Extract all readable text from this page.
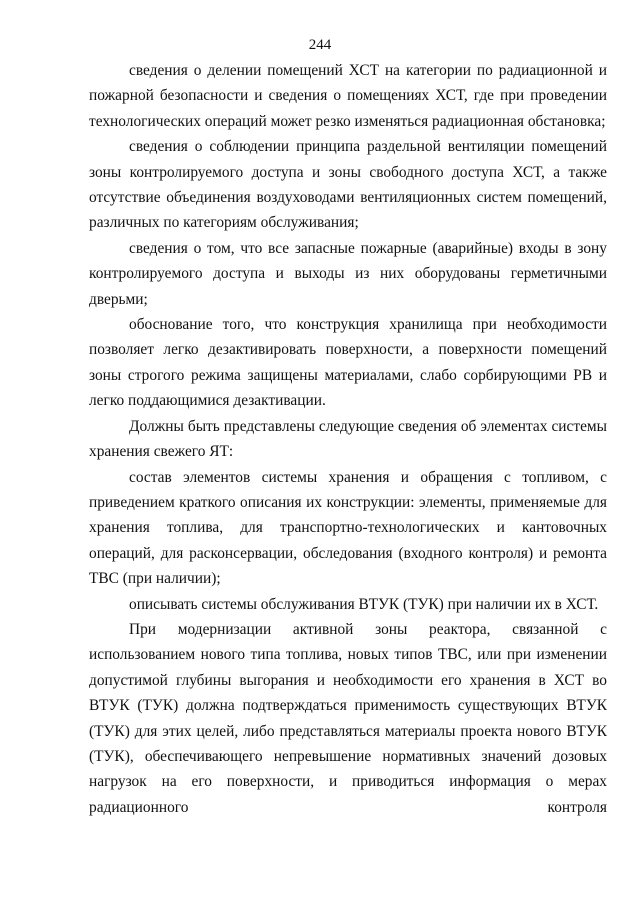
244

сведения о делении помещений ХСТ на категории по радиационной и пожарной безопасности и сведения о помещениях ХСТ, где при проведении технологических операций может резко изменяться радиационная обстановка;

сведения о соблюдении принципа раздельной вентиляции помещений зоны контролируемого доступа и зоны свободного доступа ХСТ, а также отсутствие объединения воздуховодами вентиляционных систем помещений, различных по категориям обслуживания;

сведения о том, что все запасные пожарные (аварийные) входы в зону контролируемого доступа и выходы из них оборудованы герметичными дверьми;

обоснование того, что конструкция хранилища при необходимости позволяет легко дезактивировать поверхности, а поверхности помещений зоны строгого режима защищены материалами, слабо сорбирующими РВ и легко поддающимися дезактивации.

Должны быть представлены следующие сведения об элементах системы хранения свежего ЯТ:

состав элементов системы хранения и обращения с топливом, с приведением краткого описания их конструкции: элементы, применяемые для хранения топлива, для транспортно-технологических и кантовочных операций, для расконсервации, обследования (входного контроля) и ремонта ТВС (при наличии);

описывать системы обслуживания ВТУК (ТУК) при наличии их в ХСТ.

При модернизации активной зоны реактора, связанной с использованием нового типа топлива, новых типов ТВС, или при изменении допустимой глубины выгорания и необходимости его хранения в ХСТ во ВТУК (ТУК) должна подтверждаться применимость существующих ВТУК (ТУК) для этих целей, либо представляться материалы проекта нового ВТУК (ТУК), обеспечивающего непревышение нормативных значений дозовых нагрузок на его поверхности, и приводиться информация о мерах радиационного контроля
